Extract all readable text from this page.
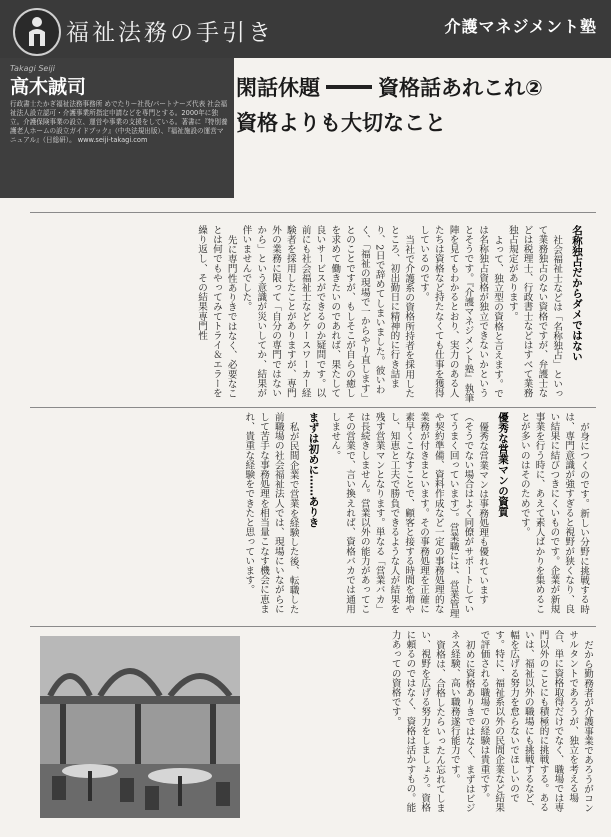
福祉法務の手引き	介護マネジメント塾
Takagi Seiji
高木誠司
行政書士たかぎ福祉法務事務所 めでたりー社長/パートナーズ代表 社会福祉法人設立認可・介護事業所指定申請などを専門とする。2000年に独立。介護保険事業の設立、運営や事業の支援をしている。著書に『特別養護老人ホームの設立ガイドブック』（中央法規出版）、『福祉施設の運営マニュアル』（日総研）。 www.seiji-takagi.com
閑話休題	資格話あれこれ②
資格よりも大切なこと
名称独占だからダメではない

社会福祉士などは「名称独占」といって業務独占のない資格ですが、弁護士などは税理士、行政書士などはすべて業務独占規定があります。

よって、独立型の資格と言えます。では名称独占資格が独立できないかというとそうです。『介護マネジメント塾』執筆陣を見てもわかるとおり、実力のある人たちは資格など持たなくても仕事を獲得しているのです。

当社で介護系の資格所持者を採用したところ、初出勤日に精神的に行き詰まり、2日で辞めてしまいました。彼いわく、「福祉の現場で一からやり直します」とのことですが、もしそこが自らの癒しを求めて働きたいのであれば、果たして良いサービスができるのか疑問です。以前にも社会福祉士などケースワーカー経験者を採用したことがありますが、専門外の業務に限って「自分の専門ではないから」という意識が災いしてか、結果が伴いませんでした。

先に専門性ありきではなく、必要なことは何でもやってみてトライ＆エラーを繰り返し、その結果専門性

が身につくのです。新しい分野に挑戦する時は、専門意識が強すぎると視野が狭くなり、良い結果に結びつきにくいものです。企業が新規事業を行う時に、あえて素人ばかりを集めることが多いのはそのためです。

優秀な営業マンの資質

優秀な営業マンは事務処理も優れています（そうでない場合はよく同僚がサポートしていてうまく回っています）。営業職には、営業管理や契約準備、資料作成など一定の事務処理的な業務が付きまといます。その事務処理を正確に素早くこなすことで、顧客と接する時間を増やし、知恵と工夫で勝負できるような人が結果を残す営業マンとなります。単なる「営業バカ」は長続きしません。営業以外の能力があってこその営業で、言い換えれば、資格バカでは通用しません。

まずは初めに……ありき

私が民間企業で営業を経験した後、転職した前職場の社会福祉法人では、現場にいながらにして苦手な事務処理を相当量こなす機会に恵まれ、貴重な経験をできたと思っています。

だから勤務者が介護事業であろうがコンサルタントであろうが、独立を考える場合、単に資格取得だけでなく、職場では専門以外のことにも積極的に挑戦する。あるいは、福祉以外の職場にも挑戦するなど、幅を広げる努力を怠らないでほしいのです。特に、福祉系以外の民間企業など結果で評価される職場での経験は貴重です。

初めに資格ありきではなく、まずはビジネス経験、高い職務遂行能力です。

資格は、合格したらいったん忘れてしまい、視野を広げる努力をしましょう。資格に頼るのではなく、資格は活かすもの。能力あっての資格です。
